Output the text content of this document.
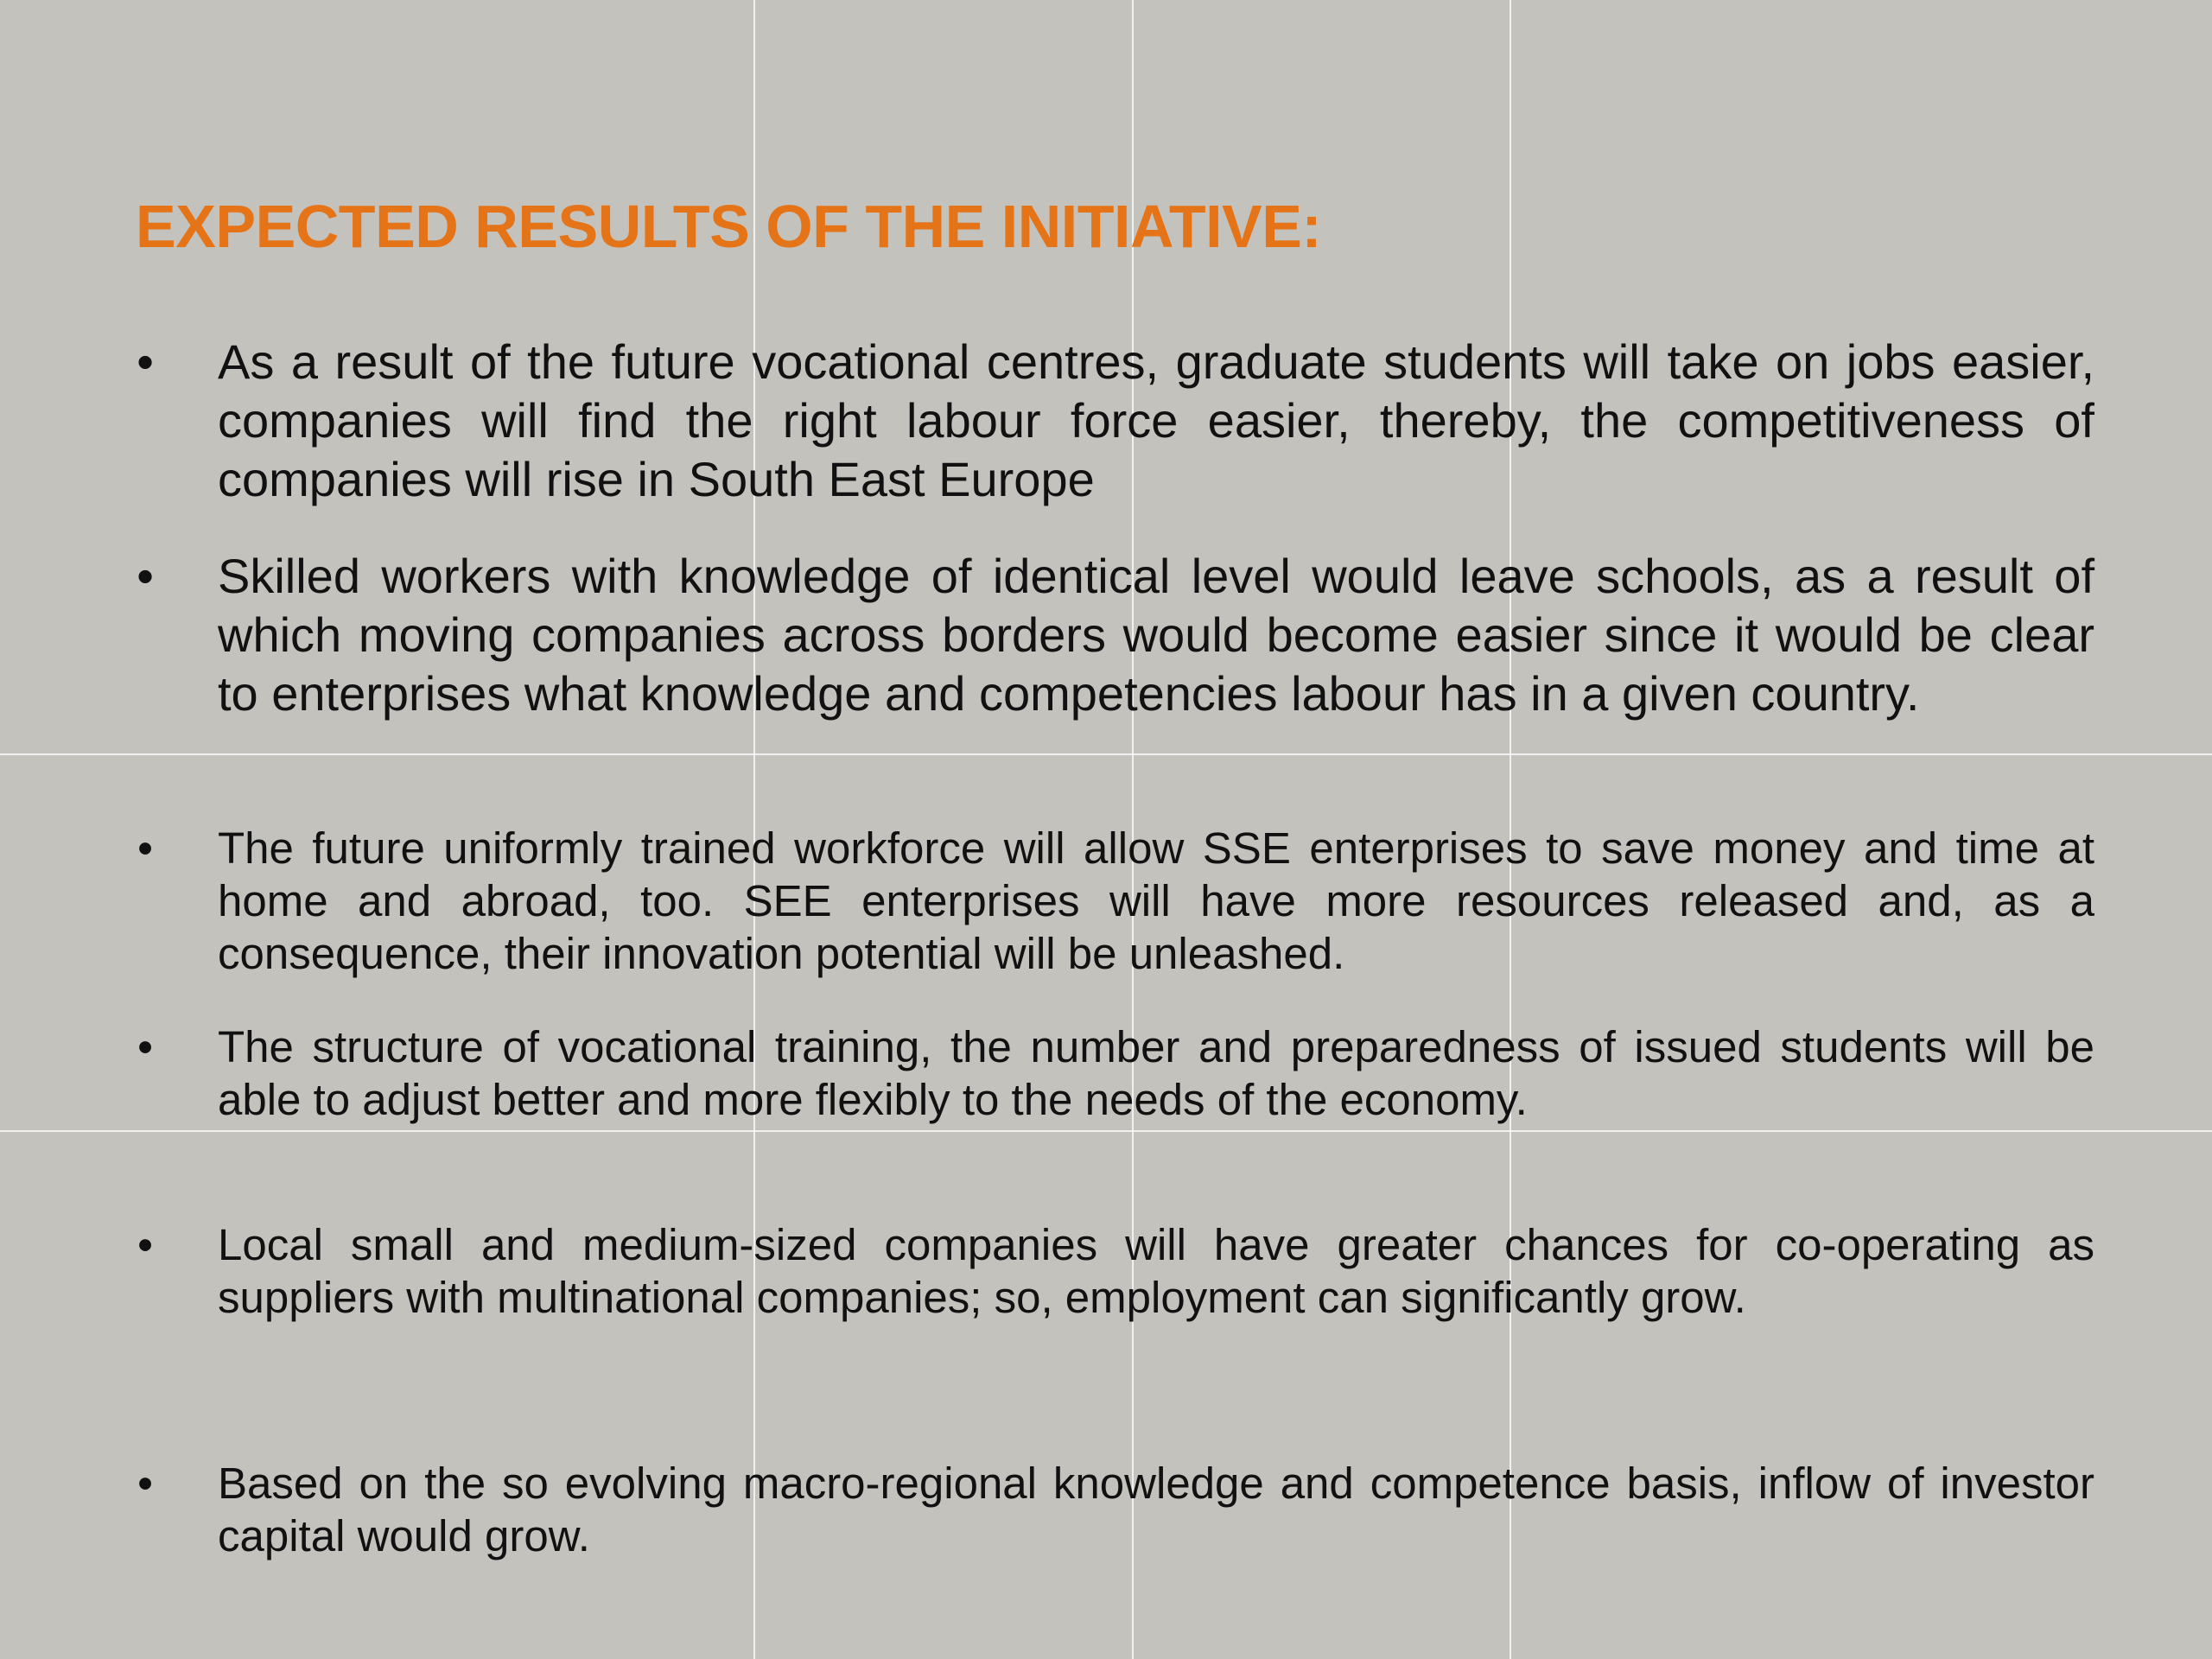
EXPECTED RESULTS OF THE INITIATIVE:
• As a result of the future vocational centres, graduate students will take on jobs easier, companies will find the right labour force easier, thereby, the competitiveness of companies will rise in South East Europe

• Skilled workers with knowledge of identical level would leave schools, as a result of which moving companies across borders would become easier since it would be clear to enterprises what knowledge and competencies labour has in a given country.

• The future uniformly trained workforce will allow SSE enterprises to save money and time at home and abroad, too. SEE enterprises will have more resources released and, as a consequence, their innovation potential will be unleashed.

• The structure of vocational training, the number and preparedness of issued students will be able to adjust better and more flexibly to the needs of the economy.

• Local small and medium-sized companies will have greater chances for co-operating as suppliers with multinational companies; so, employment can significantly grow.

• Based on the so evolving macro-regional knowledge and competence basis, inflow of investor capital would grow.
